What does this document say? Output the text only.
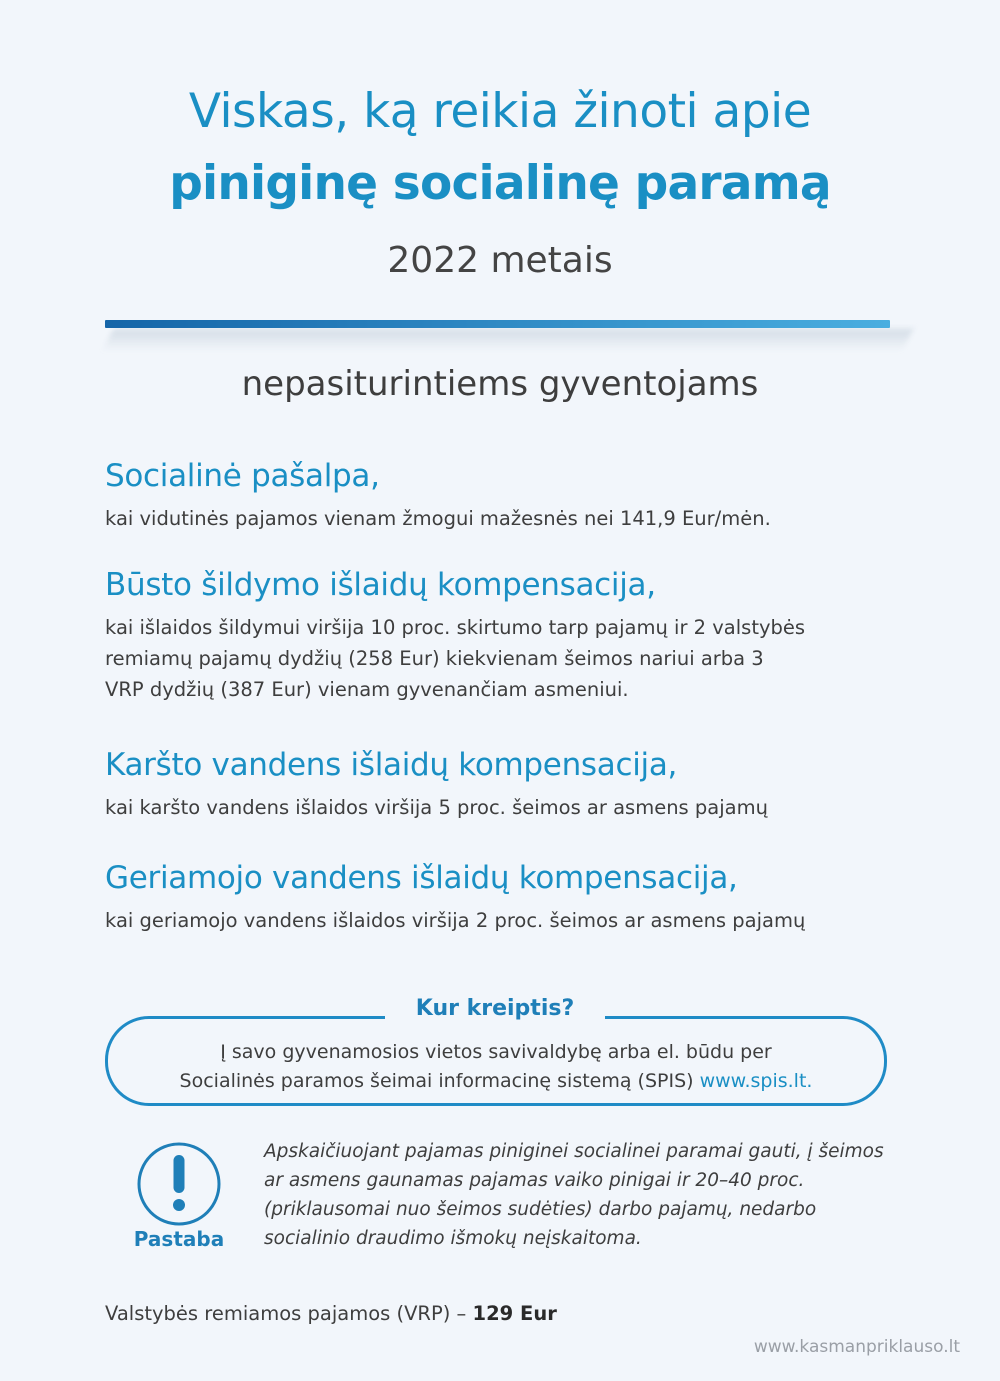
Viskas, ką reikia žinoti apie
piniginę socialinę paramą
2022 metais
nepasiturintiems gyventojams
Socialinė pašalpa,
kai vidutinės pajamos vienam žmogui mažesnės nei 141,9 Eur/mėn.
Būsto šildymo išlaidų kompensacija,
kai išlaidos šildymui viršija 10 proc. skirtumo tarp pajamų ir 2 valstybės
remiamų pajamų dydžių (258 Eur) kiekvienam šeimos nariui arba 3
VRP dydžių (387 Eur) vienam gyvenančiam asmeniui.
Karšto vandens išlaidų kompensacija,
kai karšto vandens išlaidos viršija 5 proc. šeimos ar asmens pajamų
Geriamojo vandens išlaidų kompensacija,
kai geriamojo vandens išlaidos viršija 2 proc. šeimos ar asmens pajamų
Kur kreiptis?
Į savo gyvenamosios vietos savivaldybę arba el. būdu per
Socialinės paramos šeimai informacinę sistemą (SPIS) www.spis.lt.
Pastaba
Apskaičiuojant pajamas piniginei socialinei paramai gauti, į šeimos
ar asmens gaunamas pajamas vaiko pinigai ir 20–40 proc.
(priklausomai nuo šeimos sudėties) darbo pajamų, nedarbo
socialinio draudimo išmokų neįskaitoma.
Valstybės remiamos pajamos (VRP) – 129 Eur
www.kasmanpriklauso.lt
